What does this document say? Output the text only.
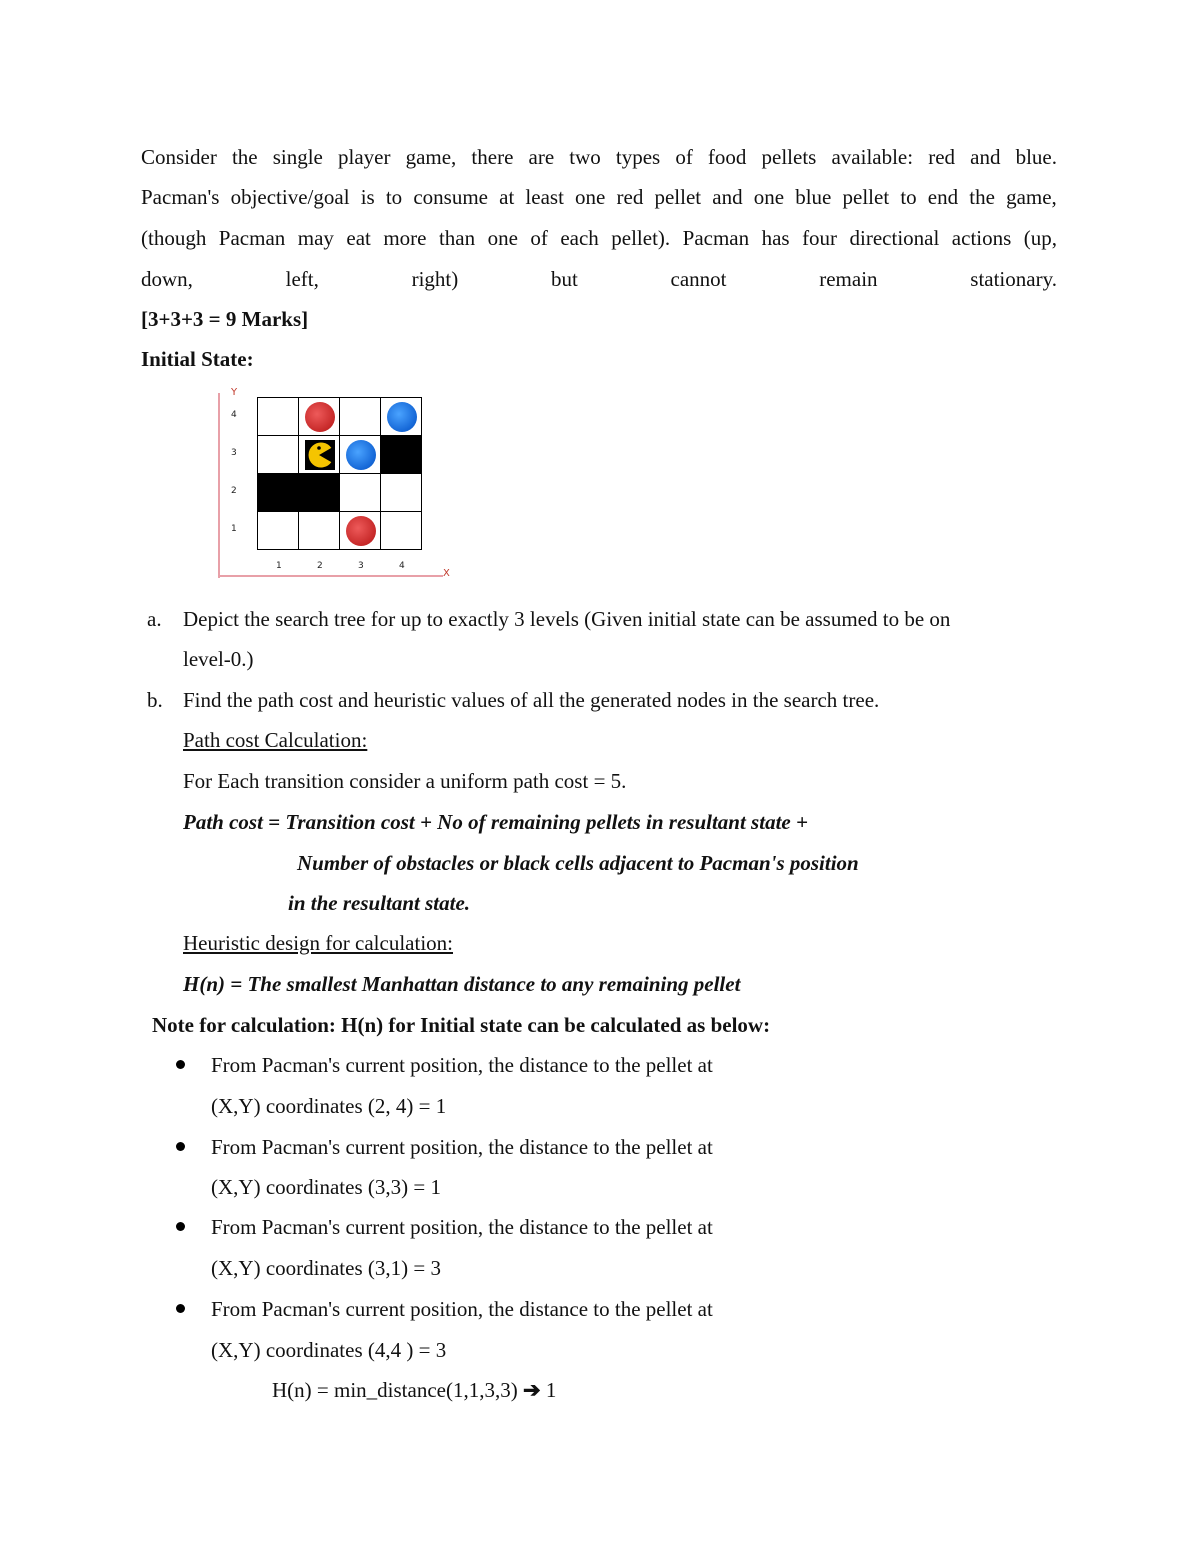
Consider the single player game, there are two types of food pellets available: red and blue.
Pacman's objective/goal is to consume at least one red pellet and one blue pellet to end the game,
(though Pacman may eat more than one of each pellet). Pacman has four directional actions (up,
down,	left,	right)	but	cannot	remain	stationary.
[3+3+3 = 9 Marks]
Initial State:
Y
X
4
3
2
1
1	2	3	4
a. Depict the search tree for up to exactly 3 levels (Given initial state can be assumed to be on
level-0.)
b. Find the path cost and heuristic values of all the generated nodes in the search tree.
Path cost Calculation:
For Each transition consider a uniform path cost = 5.
Path cost = Transition cost + No of remaining pellets in resultant state +
Number of obstacles or black cells adjacent to Pacman's position
in the resultant state.
Heuristic design for calculation:
H(n) = The smallest Manhattan distance to any remaining pellet
Note for calculation: H(n) for Initial state can be calculated as below:
From Pacman's current position, the distance to the pellet at
(X,Y) coordinates (2, 4) = 1
From Pacman's current position, the distance to the pellet at
(X,Y) coordinates (3,3) = 1
From Pacman's current position, the distance to the pellet at
(X,Y) coordinates (3,1) = 3
From Pacman's current position, the distance to the pellet at
(X,Y) coordinates (4,4 ) = 3
H(n) = min_distance(1,1,3,3) ➔ 1
